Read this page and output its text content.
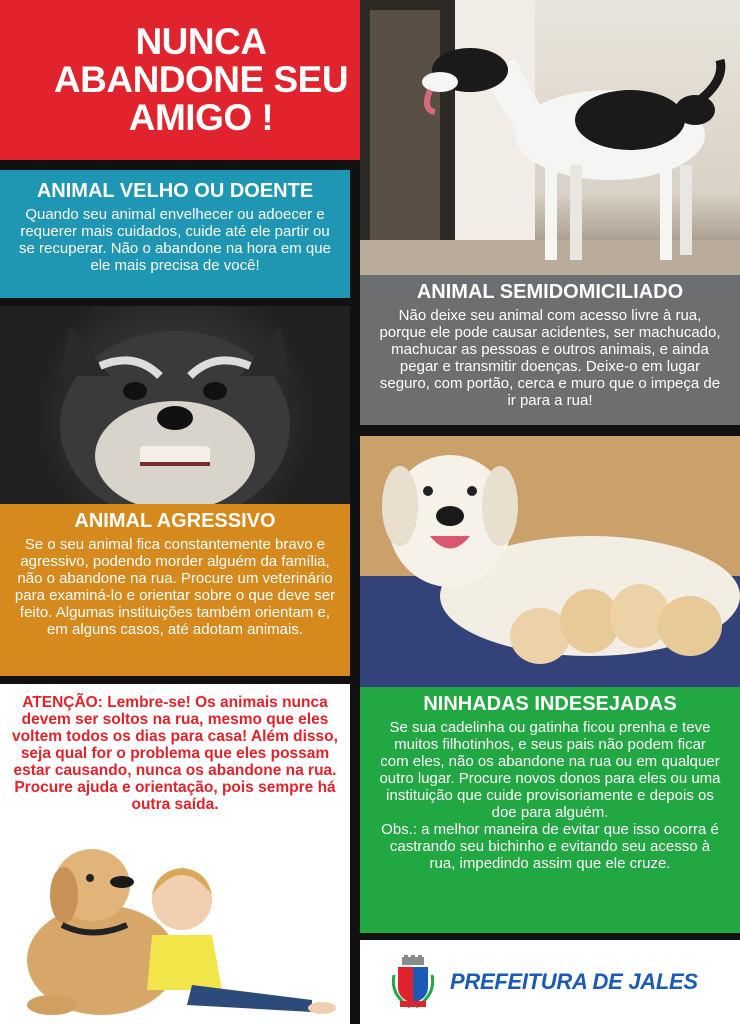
NUNCA ABANDONE SEU AMIGO !
ANIMAL VELHO OU DOENTE
Quando seu animal envelhecer ou adoecer e requerer mais cuidados, cuide até ele partir ou se recuperar. Não o abandone na hora em que ele mais precisa de você!
ANIMAL SEMIDOMICILIADO
Não deixe seu animal com acesso livre à rua, porque ele pode causar acidentes, ser machucado, machucar as pessoas e outros animais, e ainda pegar e transmitir doenças. Deixe-o em lugar seguro, com portão, cerca e muro que o impeça de ir para a rua!
ANIMAL AGRESSIVO
Se o seu animal fica constantemente bravo e agressivo, podendo morder alguém da família, não o abandone na rua. Procure um veterinário para examiná-lo e orientar sobre o que deve ser feito. Algumas instituições também orientam e, em alguns casos, até adotam animais.
ATENÇÃO: Lembre-se! Os animais nunca devem ser soltos na rua, mesmo que eles voltem todos os dias para casa! Além disso, seja qual for o problema que eles possam estar causando, nunca os abandone na rua. Procure ajuda e orientação, pois sempre há outra saída.
NINHADAS INDESEJADAS
Se sua cadelinha ou gatinha ficou prenha e teve muitos filhotinhos, e seus pais não podem ficar com eles, não os abandone na rua ou em qualquer outro lugar. Procure novos donos para eles ou uma instituição que cuide provisoriamente e depois os doe para alguém.
Obs.: a melhor maneira de evitar que isso ocorra é castrando seu bichinho e evitando seu acesso à rua, impedindo assim que ele cruze.
PREFEITURA DE JALES
